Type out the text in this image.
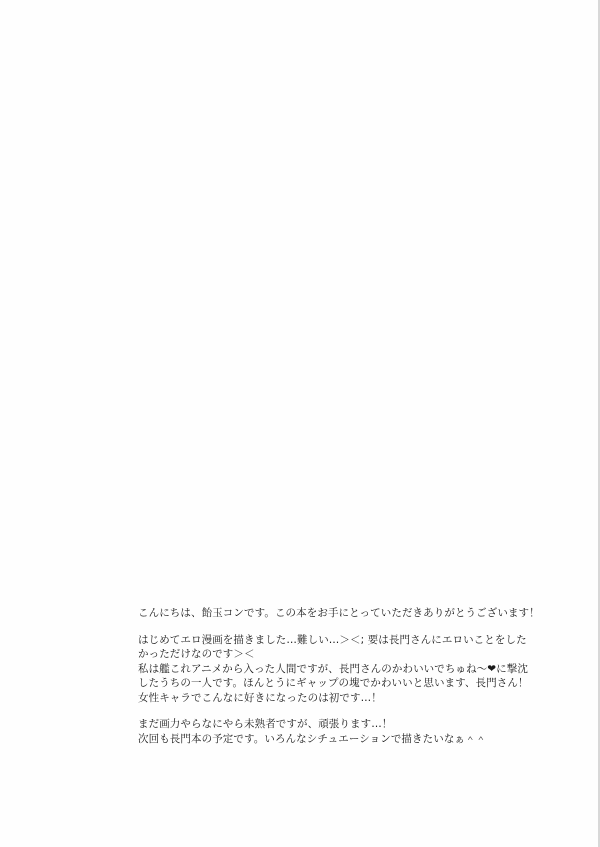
こんにちは、飴玉コンです。この本をお手にとっていただきありがとうございます！

はじめてエロ漫画を描きました…難しい…＞＜; 要は長門さんにエロいことをした
かっただけなのです＞＜
私は艦これアニメから入った人間ですが、長門さんのかわいいでちゅね～❤に撃沈
したうちの一人です。ほんとうにギャップの塊でかわいいと思います、長門さん！
女性キャラでこんなに好きになったのは初です…！

まだ画力やらなにやら未熟者ですが、頑張ります…！
次回も長門本の予定です。いろんなシチュエーションで描きたいなぁ＾＾
